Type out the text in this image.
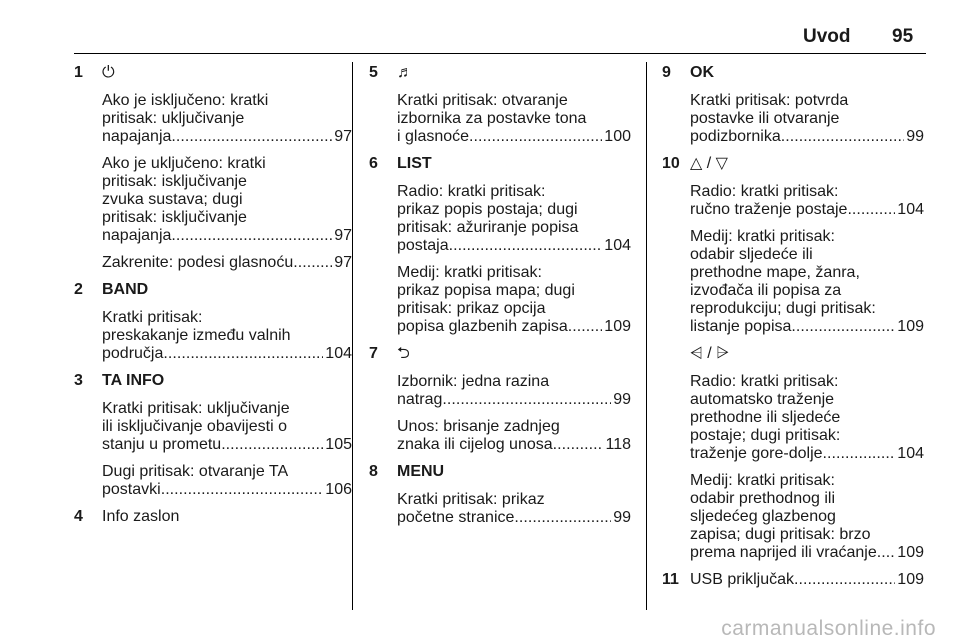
Uvod 95
1	⏻
Ako je isključeno: kratki
pritisak: uključivanje
napajanja . . .	97
Ako je uključeno: kratki
pritisak: isključivanje
zvuka sustava; dugi
pritisak: isključivanje
napajanja . . .	97
Zakrenite: podesi glasnoću . . .	97
2	BAND
Kratki pritisak:
preskakanje između valnih
područja . . .	104
3	TA INFO
Kratki pritisak: uključivanje
ili isključivanje obavijesti o
stanju u prometu . . .	105
Dugi pritisak: otvaranje TA
postavki . . .	106
4	Info zaslon
5	♬
Kratki pritisak: otvaranje
izbornika za postavke tona
i glasnoće . . .	100
6	LIST
Radio: kratki pritisak:
prikaz popis postaja; dugi
pritisak: ažuriranje popisa
postaja . . .	104
Medij: kratki pritisak:
prikaz popisa mapa; dugi
pritisak: prikaz opcija
popisa glazbenih zapisa . . . 109
7	⮌
Izbornik: jedna razina
natrag . . .	99
Unos: brisanje zadnjeg
znaka ili cijelog unosa . . .	118
8	MENU
Kratki pritisak: prikaz
početne stranice . . .	99
9	OK
Kratki pritisak: potvrda
postavke ili otvaranje
podizbornika . . .	99
10 △ / ▽
Radio: kratki pritisak:
ručno traženje postaje . . .	104
Medij: kratki pritisak:
odabir sljedeće ili
prethodne mape, žanra,
izvođača ili popisa za
reprodukciju; dugi pritisak:
listanje popisa . . .	109
⩤ / ⩥
Radio: kratki pritisak:
automatsko traženje
prethodne ili sljedeće
postaje; dugi pritisak:
traženje gore-dolje . . .	104
Medij: kratki pritisak:
odabir prethodnog ili
sljedećeg glazbenog
zapisa; dugi pritisak: brzo
prema naprijed ili vraćanje . . . 109
11 USB priključak . . .	109
carmanualsonline.info
